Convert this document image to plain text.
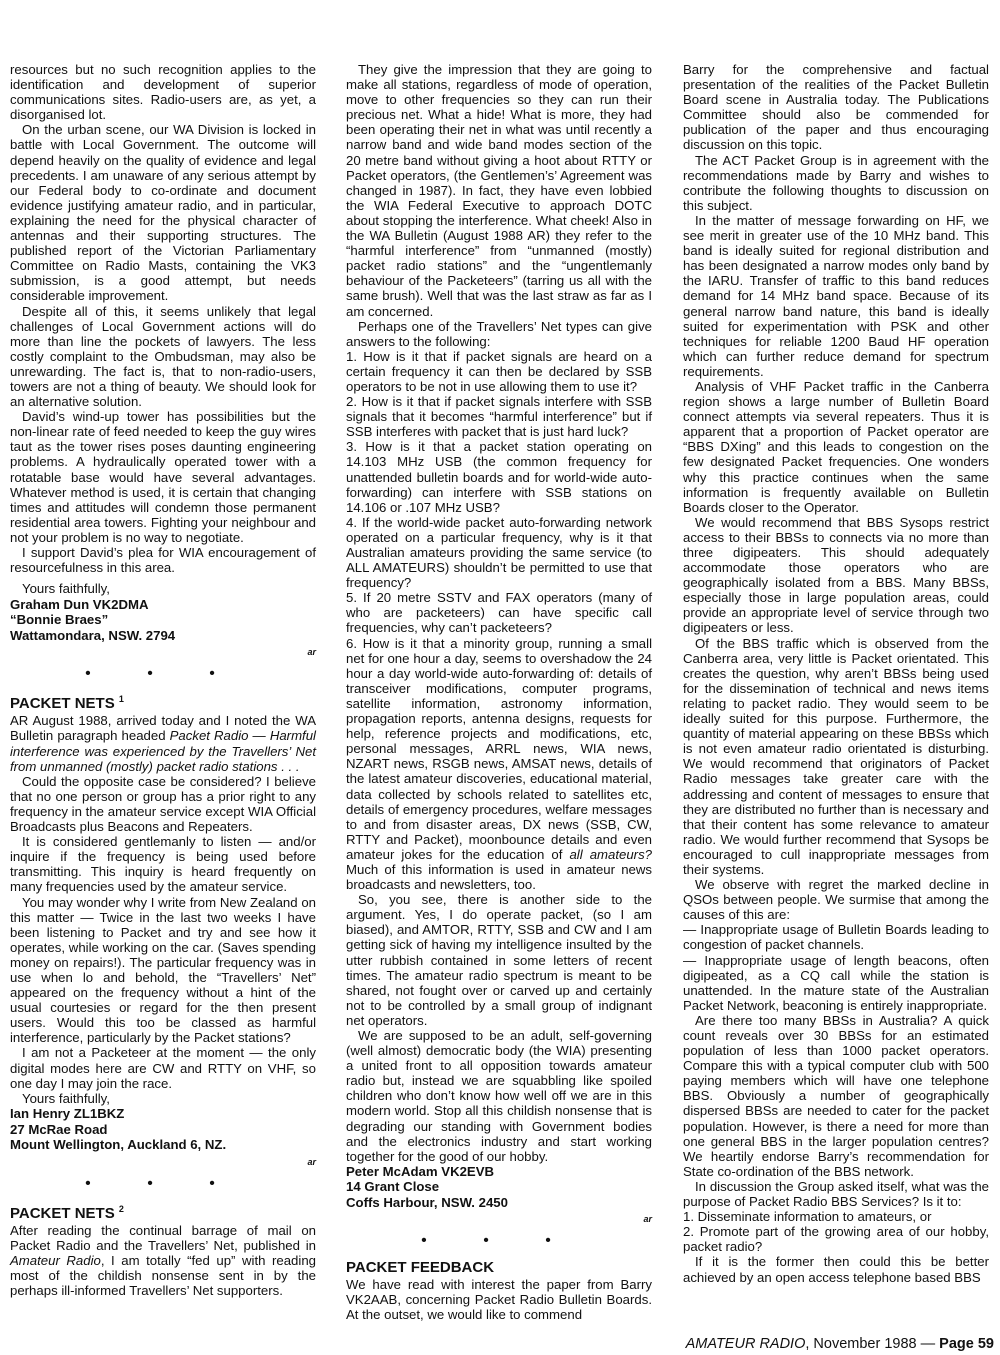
resources but no such recognition applies to the identification and development of superior communications sites. Radio-users are, as yet, a disorganised lot.

On the urban scene, our WA Division is locked in battle with Local Government. The outcome will depend heavily on the quality of evidence and legal precedents. I am unaware of any serious attempt by our Federal body to co-ordinate and document evidence justifying amateur radio, and in particular, explaining the need for the physical character of antennas and their supporting structures. The published report of the Victorian Parliamentary Committee on Radio Masts, containing the VK3 submission, is a good attempt, but needs considerable improvement.

Despite all of this, it seems unlikely that legal challenges of Local Government actions will do more than line the pockets of lawyers. The less costly complaint to the Ombudsman, may also be unrewarding. The fact is, that to non-radio-users, towers are not a thing of beauty. We should look for an alternative solution.

David’s wind-up tower has possibilities but the non-linear rate of feed needed to keep the guy wires taut as the tower rises poses daunting engineering problems. A hydraulically operated tower with a rotatable base would have several advantages. Whatever method is used, it is certain that changing times and attitudes will condemn those permanent residential area towers. Fighting your neighbour and not your problem is no way to negotiate.

I support David’s plea for WIA encouragement of resourcefulness in this area.

Yours faithfully,
Graham Dun VK2DMA
“Bonnie Braes”
Wattamondara, NSW. 2794
ar
• • •
PACKET NETS $^1$

AR August 1988, arrived today and I noted the WA Bulletin paragraph headed Packet Radio — Harmful interference was experienced by the Travellers’ Net from unmanned (mostly) packet radio stations . . .

Could the opposite case be considered? I believe that no one person or group has a prior right to any frequency in the amateur service except WIA Official Broadcasts plus Beacons and Repeaters.

It is considered gentlemanly to listen — and/or inquire if the frequency is being used before transmitting. This inquiry is heard frequently on many frequencies used by the amateur service.

You may wonder why I write from New Zealand on this matter — Twice in the last two weeks I have been listening to Packet and try and see how it operates, while working on the car. (Saves spending money on repairs!). The particular frequency was in use when lo and behold, the “Travellers’ Net” appeared on the frequency without a hint of the usual courtesies or regard for the then present users. Would this too be classed as harmful interference, particularly by the Packet stations?

I am not a Packeteer at the moment — the only digital modes here are CW and RTTY on VHF, so one day I may join the race.

Yours faithfully,
Ian Henry ZL1BKZ
27 McRae Road
Mount Wellington, Auckland 6, NZ.
ar
• • •
PACKET NETS $^2$

After reading the continual barrage of mail on Packet Radio and the Travellers’ Net, published in Amateur Radio, I am totally “fed up” with reading most of the childish nonsense sent in by the perhaps ill-informed Travellers’ Net supporters.

They give the impression that they are going to make all stations, regardless of mode of operation, move to other frequencies so they can run their precious net. What a hide! What is more, they had been operating their net in what was until recently a narrow band and wide band modes section of the 20 metre band without giving a hoot about RTTY or Packet operators, (the Gentlemen’s’ Agreement was changed in 1987). In fact, they have even lobbied the WIA Federal Executive to approach DOTC about stopping the interference. What cheek! Also in the WA Bulletin (August 1988 AR) they refer to the “harmful interference” from “unmanned (mostly) packet radio stations” and the “ungentlemanly behaviour of the Packeteers” (tarring us all with the same brush). Well that was the last straw as far as I am concerned.

Perhaps one of the Travellers’ Net types can give answers to the following:

1. How is it that if packet signals are heard on a certain frequency it can then be declared by SSB operators to be not in use allowing them to use it?

2. How is it that if packet signals interfere with SSB signals that it becomes “harmful interference” but if SSB interferes with packet that is just hard luck?

3. How is it that a packet station operating on 14.103 MHz USB (the common frequency for unattended bulletin boards and for world-wide auto-forwarding) can interfere with SSB stations on 14.106 or .107 MHz USB?

4. If the world-wide packet auto-forwarding network operated on a particular frequency, why is it that Australian amateurs providing the same service (to ALL AMATEURS) shouldn’t be permitted to use that frequency?

5. If 20 metre SSTV and FAX operators (many of who are packeteers) can have specific call frequencies, why can’t packeteers?

6. How is it that a minority group, running a small net for one hour a day, seems to overshadow the 24 hour a day world-wide auto-forwarding of: details of transceiver modifications, computer programs, satellite information, astronomy information, propagation reports, antenna designs, requests for help, reference projects and modifications, etc, personal messages, ARRL news, WIA news, NZART news, RSGB news, AMSAT news, details of the latest amateur discoveries, educational material, data collected by schools related to satellites etc, details of emergency procedures, welfare messages to and from disaster areas, DX news (SSB, CW, RTTY and Packet), moonbounce details and even amateur jokes for the education of all amateurs? Much of this information is used in amateur news broadcasts and newsletters, too.

So, you see, there is another side to the argument. Yes, I do operate packet, (so I am biased), and AMTOR, RTTY, SSB and CW and I am getting sick of having my intelligence insulted by the utter rubbish contained in some letters of recent times. The amateur radio spectrum is meant to be shared, not fought over or carved up and certainly not to be controlled by a small group of indignant net operators.

We are supposed to be an adult, self-governing (well almost) democratic body (the WIA) presenting a united front to all opposition towards amateur radio but, instead we are squabbling like spoiled children who don’t know how well off we are in this modern world. Stop all this childish nonsense that is degrading our standing with Government bodies and the electronics industry and start working together for the good of our hobby.

Peter McAdam VK2EVB
14 Grant Close
Coffs Harbour, NSW. 2450
ar
• • •
PACKET FEEDBACK

We have read with interest the paper from Barry VK2AAB, concerning Packet Radio Bulletin Boards. At the outset, we would like to commend

Barry for the comprehensive and factual presentation of the realities of the Packet Bulletin Board scene in Australia today. The Publications Committee should also be commended for publication of the paper and thus encouraging discussion on this topic.

The ACT Packet Group is in agreement with the recommendations made by Barry and wishes to contribute the following thoughts to discussion on this subject.

In the matter of message forwarding on HF, we see merit in greater use of the 10 MHz band. This band is ideally suited for regional distribution and has been designated a narrow modes only band by the IARU. Transfer of traffic to this band reduces demand for 14 MHz band space. Because of its general narrow band nature, this band is ideally suited for experimentation with PSK and other techniques for reliable 1200 Baud HF operation which can further reduce demand for spectrum requirements.

Analysis of VHF Packet traffic in the Canberra region shows a large number of Bulletin Board connect attempts via several repeaters. Thus it is apparent that a proportion of Packet operator are “BBS DXing” and this leads to congestion on the few designated Packet frequencies. One wonders why this practice continues when the same information is frequently available on Bulletin Boards closer to the Operator.

We would recommend that BBS Sysops restrict access to their BBSs to connects via no more than three digipeaters. This should adequately accommodate those operators who are geographically isolated from a BBS. Many BBSs, especially those in large population areas, could provide an appropriate level of service through two digipeaters or less.

Of the BBS traffic which is observed from the Canberra area, very little is Packet orientated. This creates the question, why aren’t BBSs being used for the dissemination of technical and news items relating to packet radio. They would seem to be ideally suited for this purpose. Furthermore, the quantity of material appearing on these BBSs which is not even amateur radio orientated is disturbing. We would recommend that originators of Packet Radio messages take greater care with the addressing and content of messages to ensure that they are distributed no further than is necessary and that their content has some relevance to amateur radio. We would further recommend that Sysops be encouraged to cull inappropriate messages from their systems.

We observe with regret the marked decline in QSOs between people. We surmise that among the causes of this are:

— Inappropriate usage of Bulletin Boards leading to congestion of packet channels.

— Inappropriate usage of length beacons, often digipeated, as a CQ call while the station is unattended. In the mature state of the Australian Packet Network, beaconing is entirely inappropriate.

Are there too many BBSs in Australia? A quick count reveals over 30 BBSs for an estimated population of less than 1000 packet operators. Compare this with a typical computer club with 500 paying members which will have one telephone BBS. Obviously a number of geographically dispersed BBSs are needed to cater for the packet population. However, is there a need for more than one general BBS in the larger population centres? We heartily endorse Barry’s recommendation for State co-ordination of the BBS network.

In discussion the Group asked itself, what was the purpose of Packet Radio BBS Services? Is it to:

1. Disseminate information to amateurs, or

2. Promote part of the growing area of our hobby, packet radio?

If it is the former then could this be better achieved by an open access telephone based BBS

AMATEUR RADIO, November 1988 — Page 59
